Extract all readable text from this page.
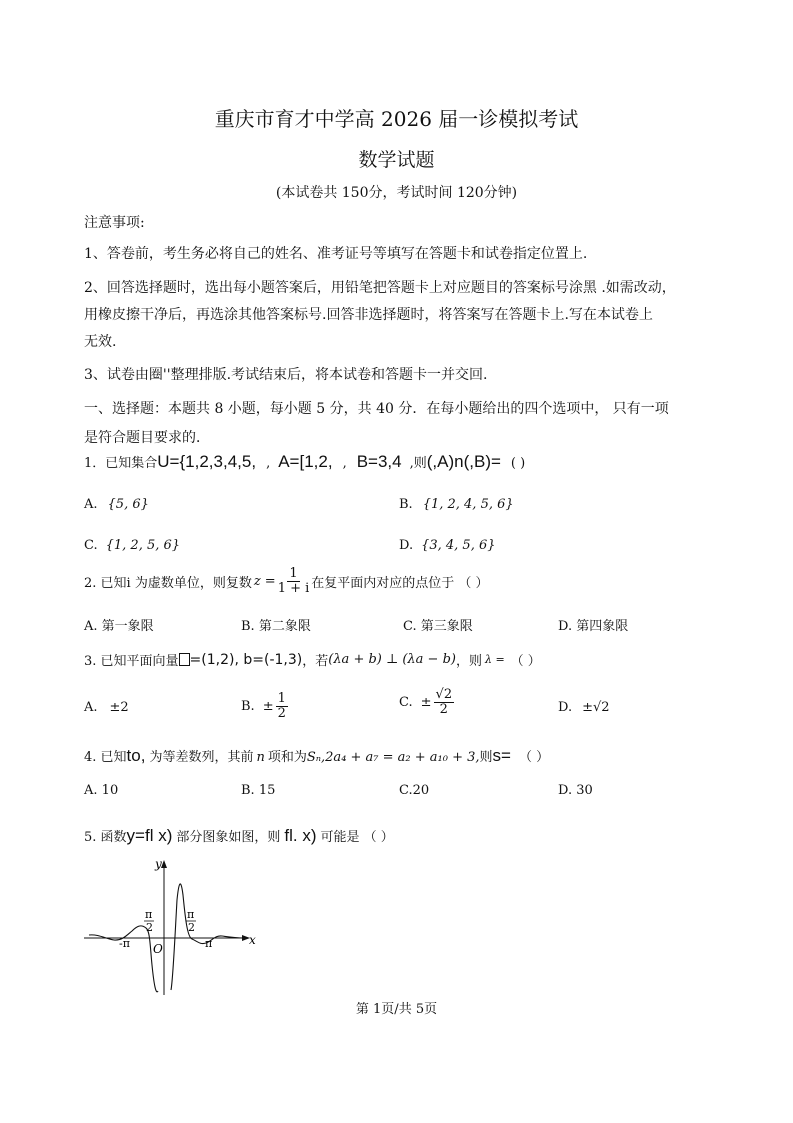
重庆市育才中学高 2026 届一诊模拟考试
数学试题
(本试卷共 150分，考试时间 120分钟)
注意事项:
1、答卷前，考生务必将自己的姓名、准考证号等填写在答题卡和试卷指定位置上.
2、回答选择题时，选出每小题答案后，用铅笔把答题卡上对应题目的答案标号涂黑 .如需改动，
用橡皮擦干净后，再选涂其他答案标号.回答非选择题时，将答案写在答题卡上.写在本试卷上
无效.
3、试卷由圈''整理排版.考试结束后，将本试卷和答题卡一并交回.
一、选择题：本题共 8 小题，每小题 5 分，共 40 分．在每小题给出的四个选项中， 只有一项
是符合题目要求的．
1．已知集合 U={1,2,3,4,5, , A=[1,2, , B=3,4 , 则 (,A)n(,B)= ( )
A. {5, 6}	B. {1, 2, 4, 5, 6}
C. {1, 2, 5, 6}	D. {3, 4, 5, 6}
2. 已知i 为虚数单位，则复数 $z = \frac{1}{1 + i}$ 在复平面内对应的点位于 （ ）
A. 第一象限	B. 第二象限	C. 第三象限	D. 第四象限
3. 已知平面向量 =(1,2), b=(-1,3) ，若 (λa + b) ⊥ (λa − b) ，则 λ = （ ）
A. ±2	B. ± $\frac{1}{2}$	C. ± $\frac{√2}{2}$	D. ±√2
4. 已知 to, 为等差数列，其前 n 项和为 Sₙ,2a₄ + a₇ = a₂ + a₁₀ + 3, 则 s= （ ）
A. 10	B. 15	C.20	D. 30
5. 函数 y=fl x) 部分图象如图，则 fl. x) 可能是 （ ）
y
x
O
-π	π
π
2
π
2
第 1页/共 5页
